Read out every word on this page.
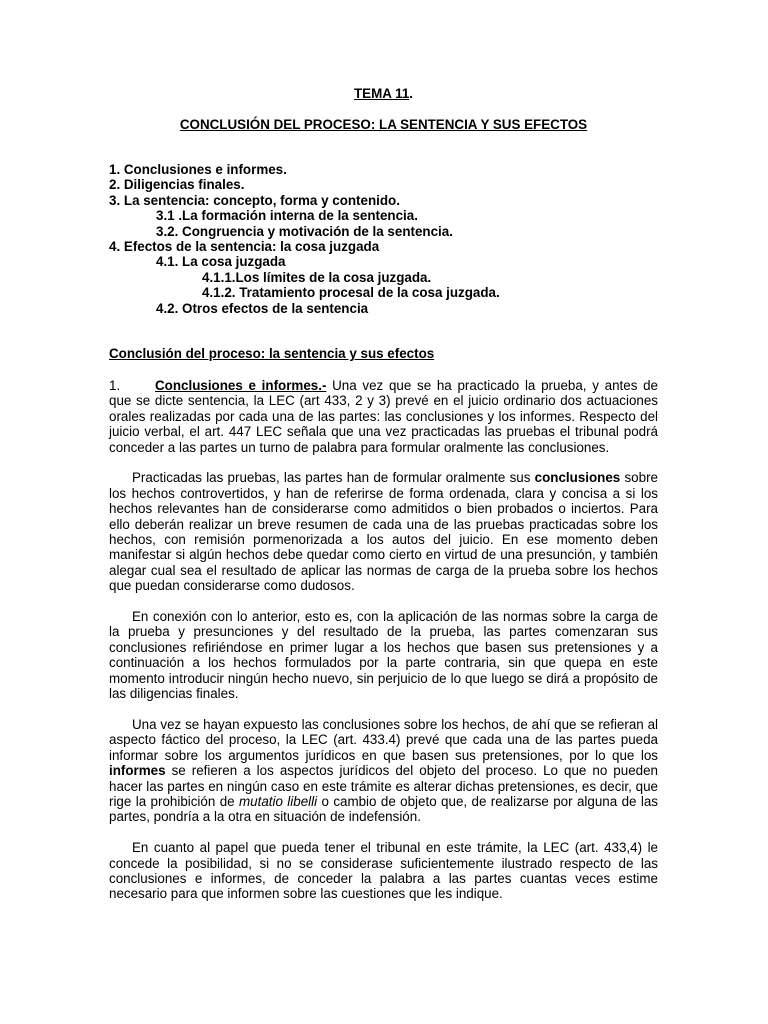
TEMA 11.
CONCLUSIÓN DEL PROCESO: LA SENTENCIA Y SUS EFECTOS
1. Conclusiones e informes.
2. Diligencias finales.
3. La sentencia: concepto, forma y contenido.
3.1 .La formación interna de la sentencia.
3.2. Congruencia y motivación de la sentencia.
4. Efectos de la sentencia: la cosa juzgada
4.1. La cosa juzgada
4.1.1.Los límites de la cosa juzgada.
4.1.2. Tratamiento procesal de la cosa juzgada.
4.2. Otros efectos de la sentencia
Conclusión del proceso: la sentencia y sus efectos

1.	Conclusiones e informes.- Una vez que se ha practicado la prueba, y antes de que se dicte sentencia, la LEC (art 433, 2 y 3) prevé en el juicio ordinario dos actuaciones orales realizadas por cada una de las partes: las conclusiones y los informes. Respecto del juicio verbal, el art. 447 LEC señala que una vez practicadas las pruebas el tribunal podrá conceder a las partes un turno de palabra para formular oralmente las conclusiones.

Practicadas las pruebas, las partes han de formular oralmente sus conclusiones sobre los hechos controvertidos, y han de referirse de forma ordenada, clara y concisa a si los hechos relevantes han de considerarse como admitidos o bien probados o inciertos. Para ello deberán realizar un breve resumen de cada una de las pruebas practicadas sobre los hechos, con remisión pormenorizada a los autos del juicio. En ese momento deben manifestar si algún hechos debe quedar como cierto en virtud de una presunción, y también alegar cual sea el resultado de aplicar las normas de carga de la prueba sobre los hechos que puedan considerarse como dudosos.

En conexión con lo anterior, esto es, con la aplicación de las normas sobre la carga de la prueba y presunciones y del resultado de la prueba, las partes comenzaran sus conclusiones refiriéndose en primer lugar a los hechos que basen sus pretensiones y a continuación a los hechos formulados por la parte contraria, sin que quepa en este momento introducir ningún hecho nuevo, sin perjuicio de lo que luego se dirá a propósito de las diligencias finales.

Una vez se hayan expuesto las conclusiones sobre los hechos, de ahí que se refieran al aspecto fáctico del proceso, la LEC (art. 433.4) prevé que cada una de las partes pueda informar sobre los argumentos jurídicos en que basen sus pretensiones, por lo que los informes se refieren a los aspectos jurídicos del objeto del proceso. Lo que no pueden hacer las partes en ningún caso en este trámite es alterar dichas pretensiones, es decir, que rige la prohibición de mutatio libelli o cambio de objeto que, de realizarse por alguna de las partes, pondría a la otra en situación de indefensión.

En cuanto al papel que pueda tener el tribunal en este trámite, la LEC (art. 433,4) le concede la posibilidad, si no se considerase suficientemente ilustrado respecto de las conclusiones e informes, de conceder la palabra a las partes cuantas veces estime necesario para que informen sobre las cuestiones que les indique.
